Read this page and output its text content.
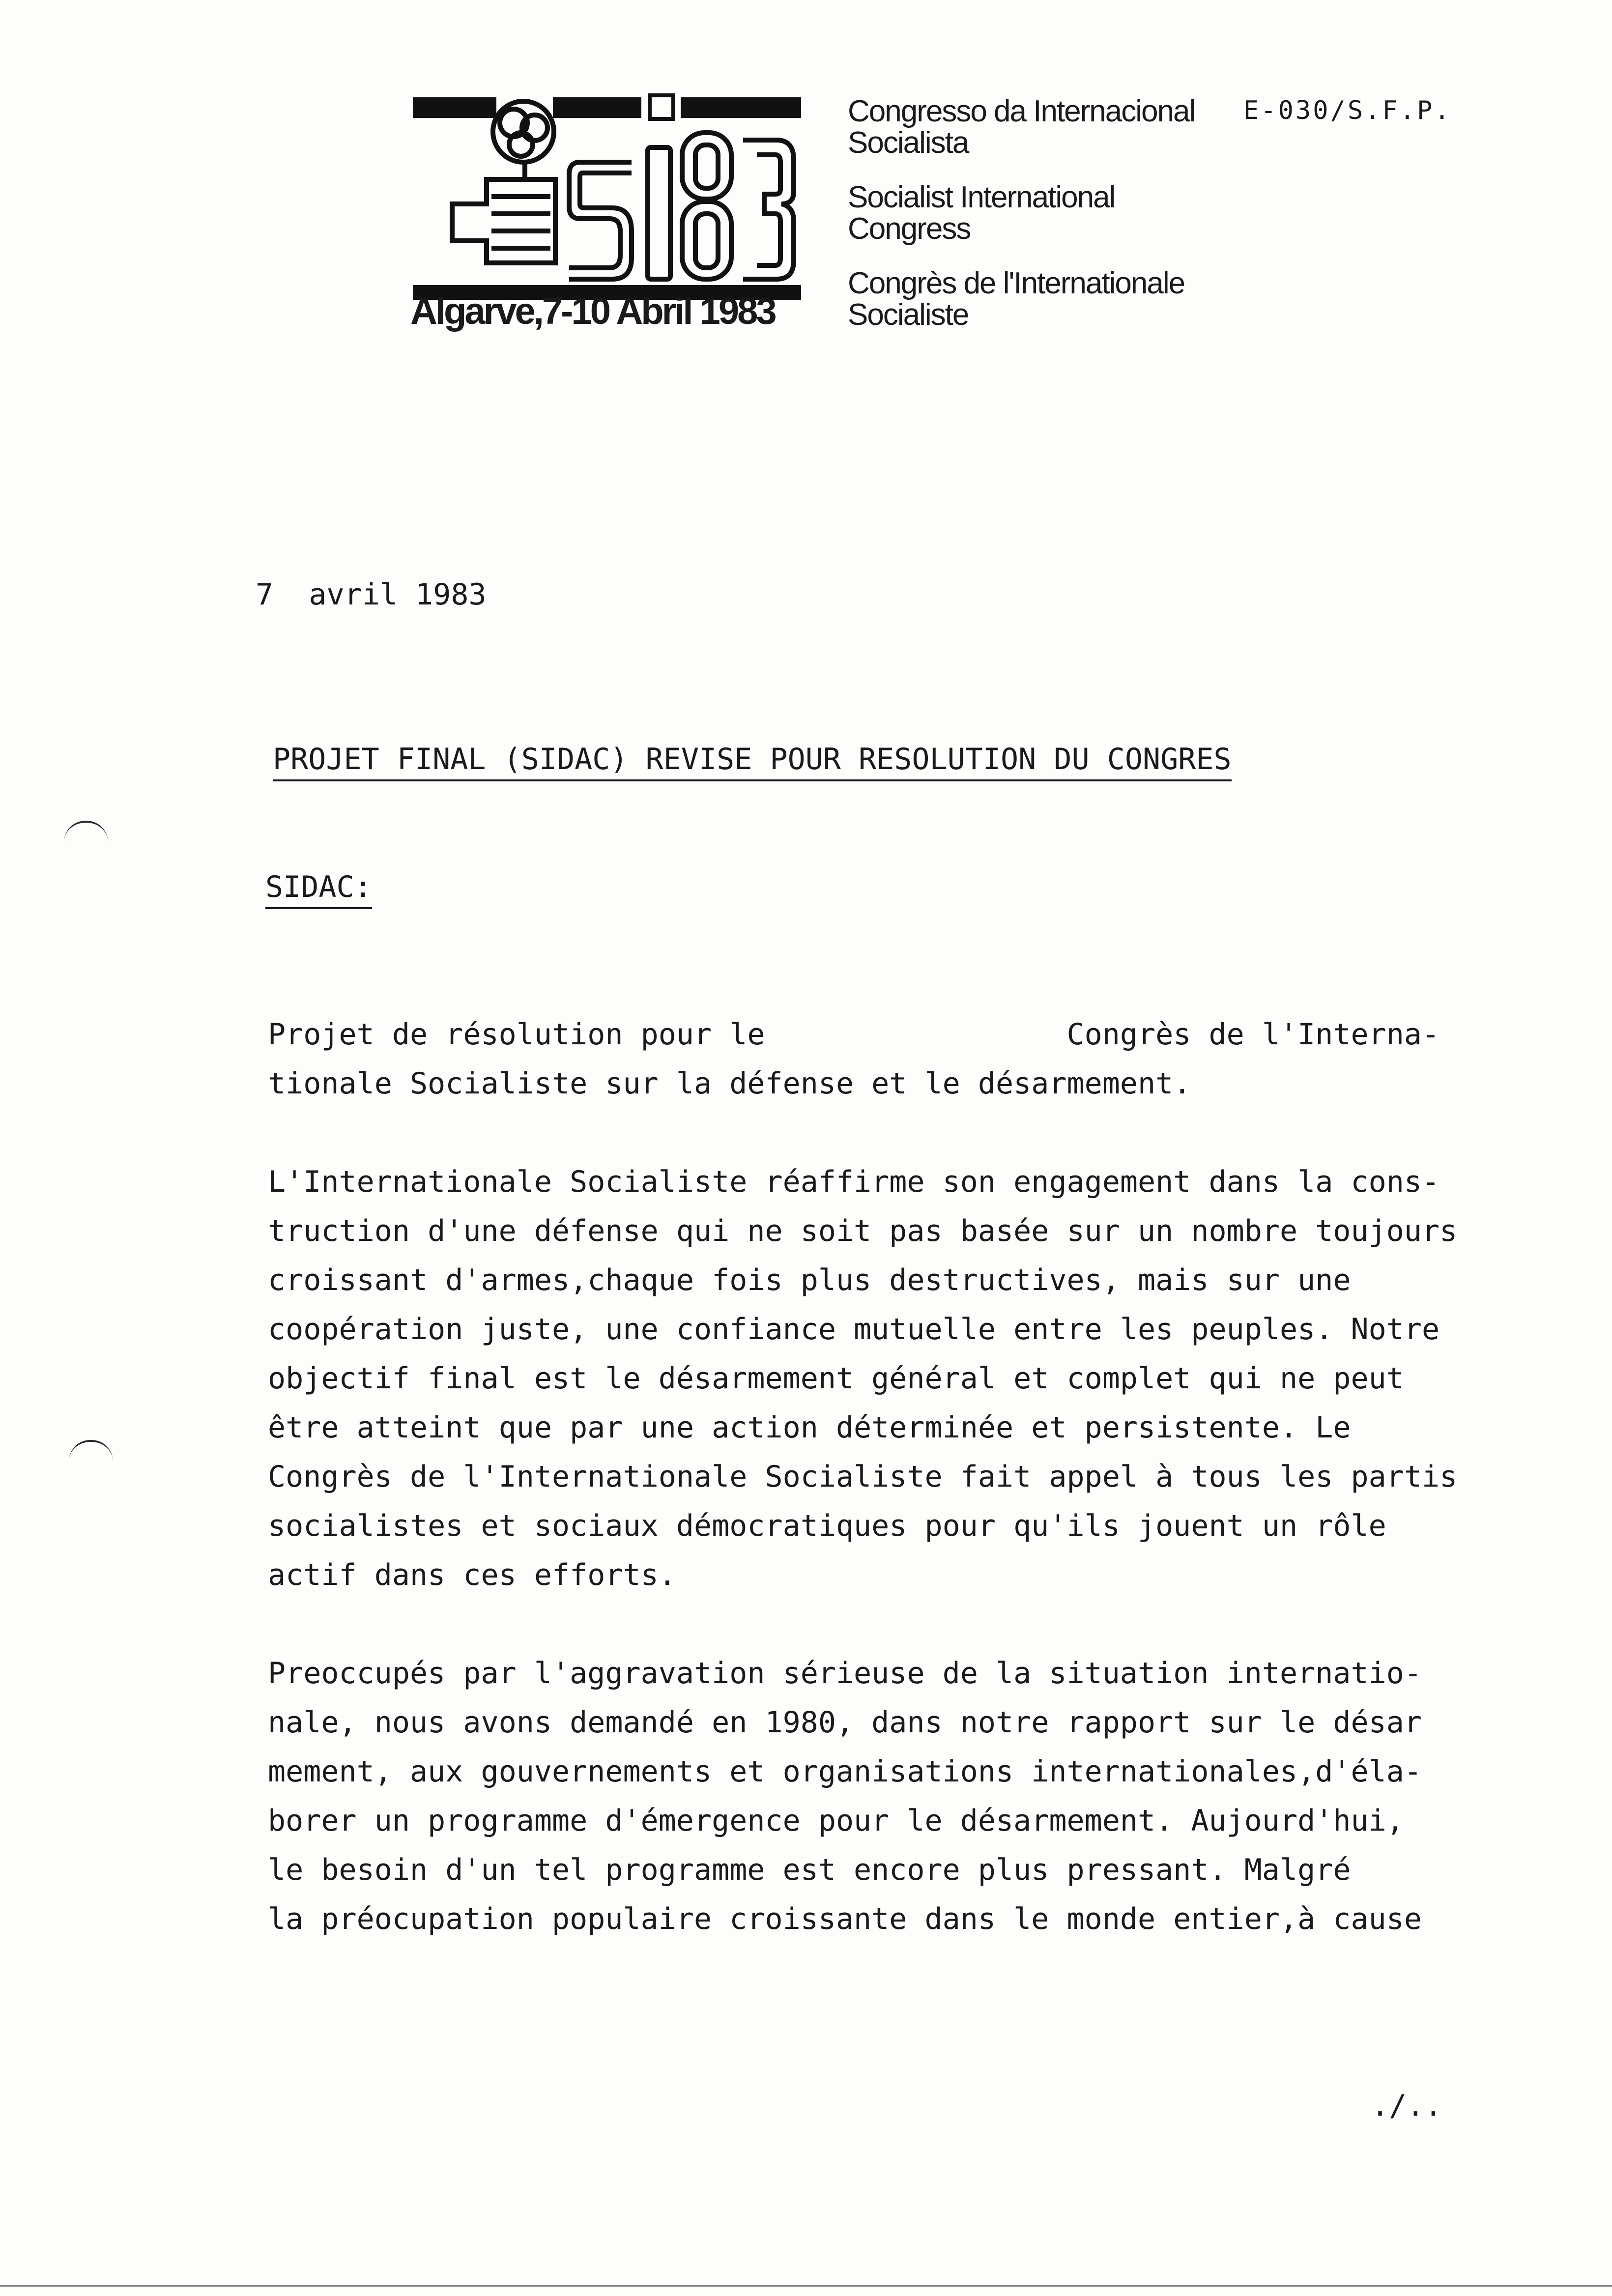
Algarve,7-10 Abril 1983
Congresso da Internacional
Socialista
Socialist International
Congress
Congrès de l'Internationale
Socialiste
E-030/S.F.P.
7  avril 1983
PROJET FINAL (SIDAC) REVISE POUR RESOLUTION DU CONGRES
SIDAC:
Projet de résolution pour le                 Congrès de l'Interna-
tionale Socialiste sur la défense et le désarmement.
L'Internationale Socialiste réaffirme son engagement dans la cons-
truction d'une défense qui ne soit pas basée sur un nombre toujours
croissant d'armes,chaque fois plus destructives, mais sur une
coopération juste, une confiance mutuelle entre les peuples. Notre
objectif final est le désarmement général et complet qui ne peut
être atteint que par une action déterminée et persistente. Le
Congrès de l'Internationale Socialiste fait appel à tous les partis
socialistes et sociaux démocratiques pour qu'ils jouent un rôle
actif dans ces efforts.
Preoccupés par l'aggravation sérieuse de la situation internatio-
nale, nous avons demandé en 1980, dans notre rapport sur le désar
mement, aux gouvernements et organisations internationales,d'éla-
borer un programme d'émergence pour le désarmement. Aujourd'hui,
le besoin d'un tel programme est encore plus pressant. Malgré
la préocupation populaire croissante dans le monde entier,à cause
./..
